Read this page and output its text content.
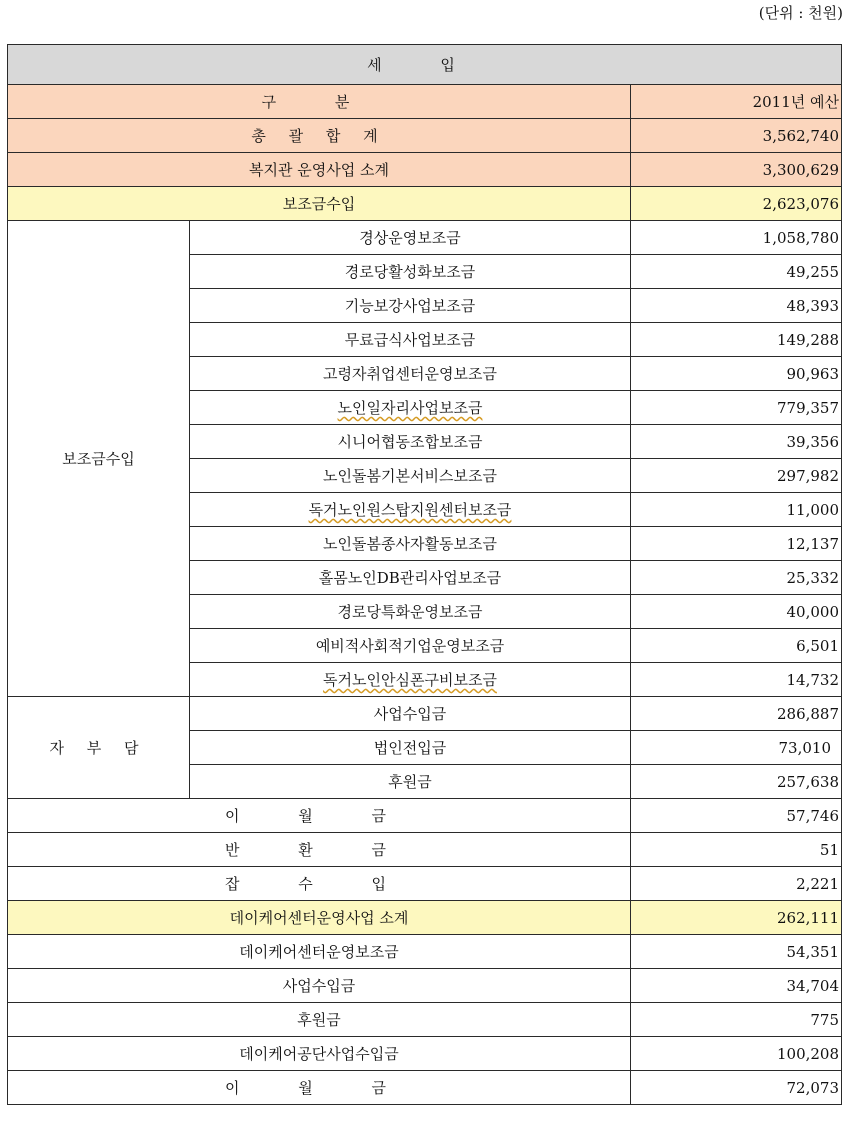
(단위 : 천원)
세 입		
구 분		2011년 예산
총 괄 합 계		3,562,740
복지관 운영사업 소계		3,300,629
보조금수입		2,623,076
보조금수입	경상운영보조금	1,058,780
	경로당활성화보조금	49,255
	기능보강사업보조금	48,393
	무료급식사업보조금	149,288
	고령자취업센터운영보조금	90,963
	노인일자리사업보조금	779,357
	시니어협동조합보조금	39,356
	노인돌봄기본서비스보조금	297,982
	독거노인원스탑지원센터보조금	11,000
	노인돌봄종사자활동보조금	12,137
	홀몸노인DB관리사업보조금	25,332
	경로당특화운영보조금	40,000
	예비적사회적기업운영보조금	6,501
	독거노인안심폰구비보조금	14,732
자 부 담	사업수입금	286,887
	법인전입금	73,010
	후원금	257,638
이 월 금		57,746
반 환 금		51
잡 수 입		2,221
데이케어센터운영사업 소계		262,111
데이케어센터운영보조금		54,351
사업수입금		34,704
후원금		775
데이케어공단사업수입금		100,208
이 월 금		72,073
